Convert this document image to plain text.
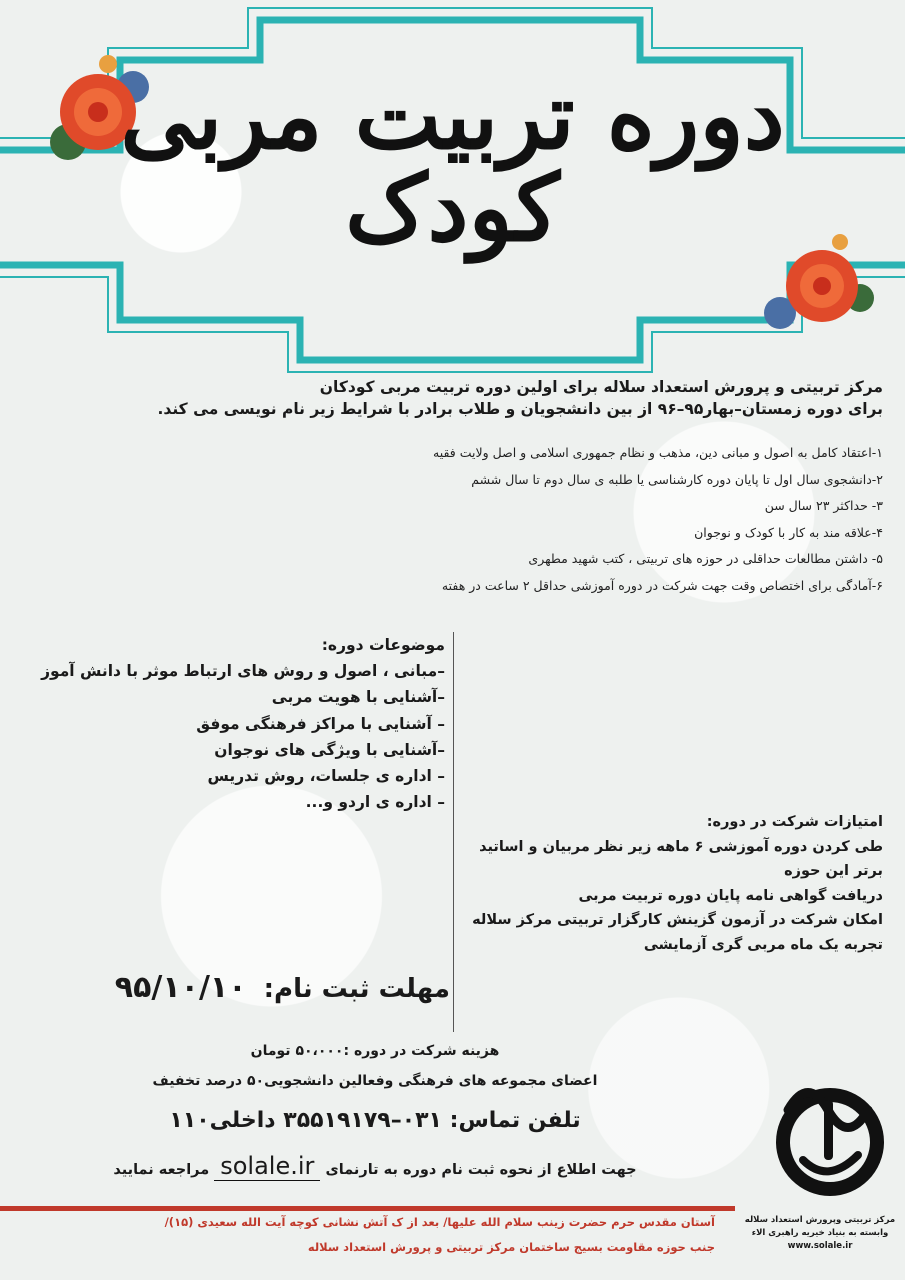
دوره تربیت مربی کودک
مرکز تربیتی و پرورش استعداد سلاله برای اولین دوره تربیت مربی کودکان
برای دوره زمستان–بهار۹۵–۹۶ از بین دانشجویان و طلاب برادر با شرایط زیر نام نویسی می کند.
۱-اعتقاد کامل به اصول و مبانی دین، مذهب و نظام جمهوری اسلامی و اصل ولایت فقیه
۲-دانشجوی سال اول تا پایان دوره کارشناسی یا طلبه ی سال دوم تا سال ششم
۳- حداکثر ۲۳ سال سن
۴-علاقه مند به کار با کودک و نوجوان
۵- داشتن مطالعات حداقلی در حوزه های تربیتی ، کتب شهید مطهری
۶-آمادگی برای اختصاص وقت جهت شرکت در دوره آموزشی حداقل ۲ ساعت در هفته
موضوعات دوره:
–مبانی ، اصول و روش های ارتباط موثر با دانش آموز
–آشنایی با هویت مربی
– آشنایی با مراکز فرهنگی موفق
–آشنایی با ویژگی های نوجوان
– اداره ی جلسات، روش تدریس
– اداره ی اردو و...
امتیازات شرکت در دوره:
طی کردن دوره آموزشی ۶ ماهه زیر نظر مربیان و اساتید
برتر این حوزه
دریافت گواهی نامه پایان دوره تربیت مربی
امکان شرکت در آزمون گزینش کارگزار تربیتی مرکز سلاله
تجربه یک ماه مربی گری آزمایشی
مهلت ثبت نام: ۹۵/۱۰/۱۰
هزینه شرکت در دوره :۵۰،۰۰۰ تومان
اعضای مجموعه های فرهنگی وفعالین دانشجویی۵۰ درصد تخفیف
تلفن تماس: ۰۳۱–۳۵۵۱۹۱۷۹ داخلی۱۱۰
جهت اطلاع از نحوه ثبت نام دوره به تارنمای solale.ir مراجعه نمایید
مرکز تربیتی وپرورش استعداد سلاله
وابسته به بنیاد خیریه راهبری الاء
www.solale.ir
آستان مقدس حرم حضرت زینب سلام الله علیها/ بعد از ک آتش نشانی کوچه آیت الله سعیدی (۱۵)/
جنب حوزه مقاومت بسیج ساختمان مرکز تربیتی و پرورش استعداد سلاله
